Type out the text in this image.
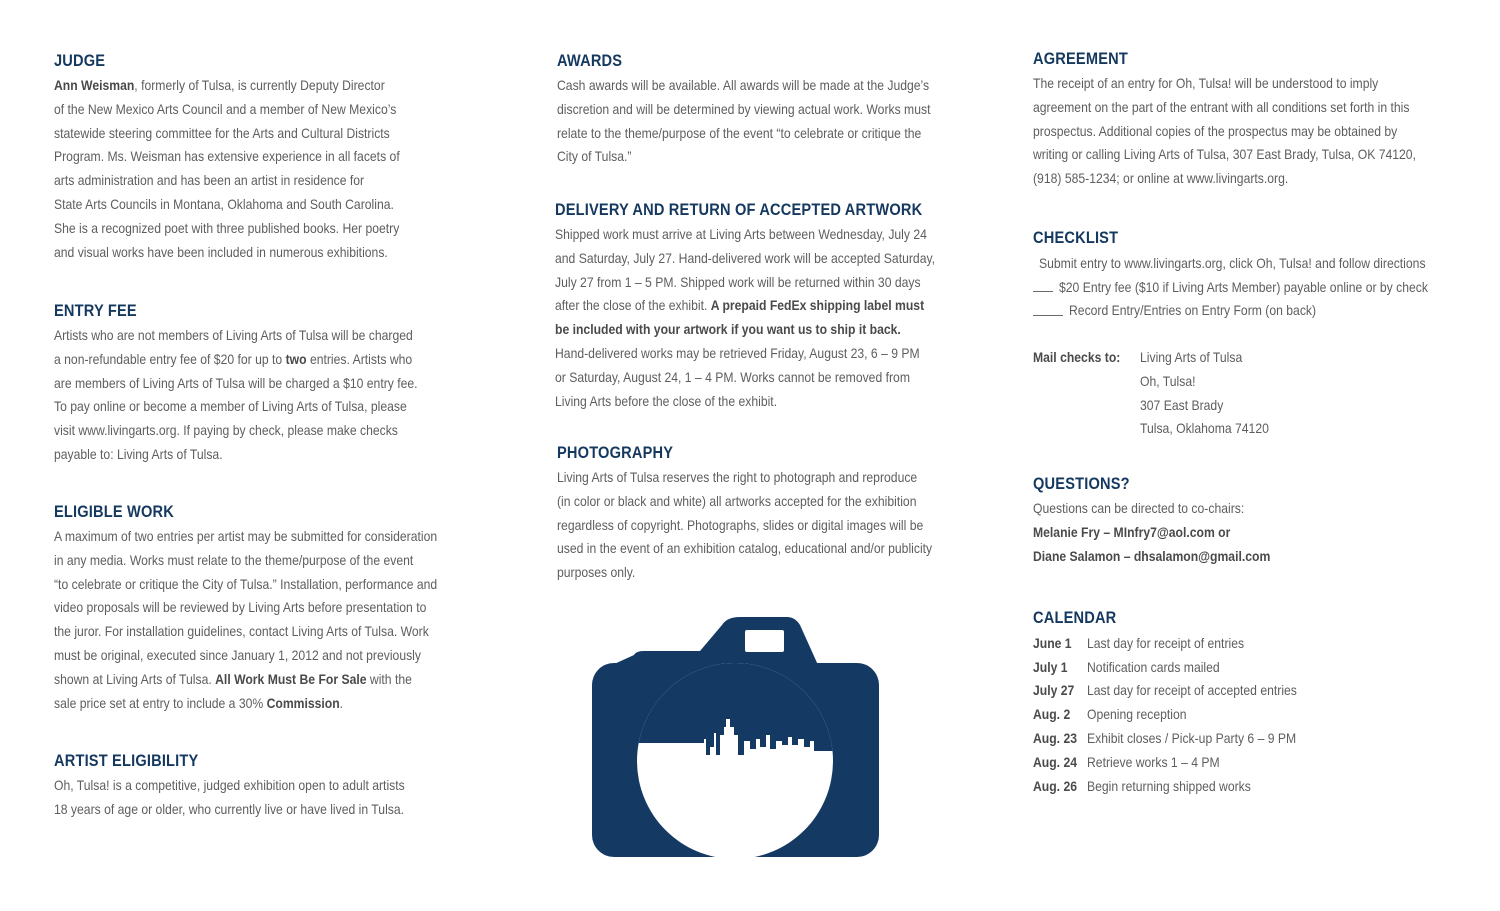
JUDGE

Ann Weisman, formerly of Tulsa, is currently Deputy Director
of the New Mexico Arts Council and a member of New Mexico’s
statewide steering committee for the Arts and Cultural Districts
Program. Ms. Weisman has extensive experience in all facets of
arts administration and has been an artist in residence for
State Arts Councils in Montana, Oklahoma and South Carolina.
She is a recognized poet with three published books. Her poetry
and visual works have been included in numerous exhibitions.

ENTRY FEE

Artists who are not members of Living Arts of Tulsa will be charged
a non-refundable entry fee of $20 for up to two entries. Artists who
are members of Living Arts of Tulsa will be charged a $10 entry fee.
To pay online or become a member of Living Arts of Tulsa, please
visit www.livingarts.org. If paying by check, please make checks
payable to: Living Arts of Tulsa.

ELIGIBLE WORK

A maximum of two entries per artist may be submitted for consideration
in any media. Works must relate to the theme/purpose of the event
“to celebrate or critique the City of Tulsa.” Installation, performance and
video proposals will be reviewed by Living Arts before presentation to
the juror. For installation guidelines, contact Living Arts of Tulsa. Work
must be original, executed since January 1, 2012 and not previously
shown at Living Arts of Tulsa. All Work Must Be For Sale with the
sale price set at entry to include a 30% Commission.

ARTIST ELIGIBILITY

Oh, Tulsa! is a competitive, judged exhibition open to adult artists
18 years of age or older, who currently live or have lived in Tulsa.

AWARDS

Cash awards will be available. All awards will be made at the Judge’s
discretion and will be determined by viewing actual work. Works must
relate to the theme/purpose of the event “to celebrate or critique the
City of Tulsa.”

DELIVERY AND RETURN OF ACCEPTED ARTWORK

Shipped work must arrive at Living Arts between Wednesday, July 24
and Saturday, July 27. Hand-delivered work will be accepted Saturday,
July 27 from 1 – 5 PM. Shipped work will be returned within 30 days
after the close of the exhibit. A prepaid FedEx shipping label must
be included with your artwork if you want us to ship it back.
Hand-delivered works may be retrieved Friday, August 23, 6 – 9 PM
or Saturday, August 24, 1 – 4 PM. Works cannot be removed from
Living Arts before the close of the exhibit.

PHOTOGRAPHY

Living Arts of Tulsa reserves the right to photograph and reproduce
(in color or black and white) all artworks accepted for the exhibition
regardless of copyright. Photographs, slides or digital images will be
used in the event of an exhibition catalog, educational and/or publicity
purposes only.

AGREEMENT

The receipt of an entry for Oh, Tulsa! will be understood to imply
agreement on the part of the entrant with all conditions set forth in this
prospectus. Additional copies of the prospectus may be obtained by
writing or calling Living Arts of Tulsa, 307 East Brady, Tulsa, OK 74120,
(918) 585-1234; or online at www.livingarts.org.

CHECKLIST
Submit entry to www.livingarts.org, click Oh, Tulsa! and follow directions
$20 Entry fee ($10 if Living Arts Member) payable online or by check
Record Entry/Entries on Entry Form (on back)
Mail checks to:	Living Arts of Tulsa
Oh, Tulsa!
307 East Brady
Tulsa, Oklahoma 74120
QUESTIONS?

Questions can be directed to co-chairs:
Melanie Fry – MInfry7@aol.com or
Diane Salamon – dhsalamon@gmail.com

CALENDAR
June 1	Last day for receipt of entries
July 1	Notification cards mailed
July 27 Last day for receipt of accepted entries
Aug. 2	Opening reception
Aug. 23 Exhibit closes / Pick-up Party 6 – 9 PM
Aug. 24 Retrieve works 1 – 4 PM
Aug. 26 Begin returning shipped works
